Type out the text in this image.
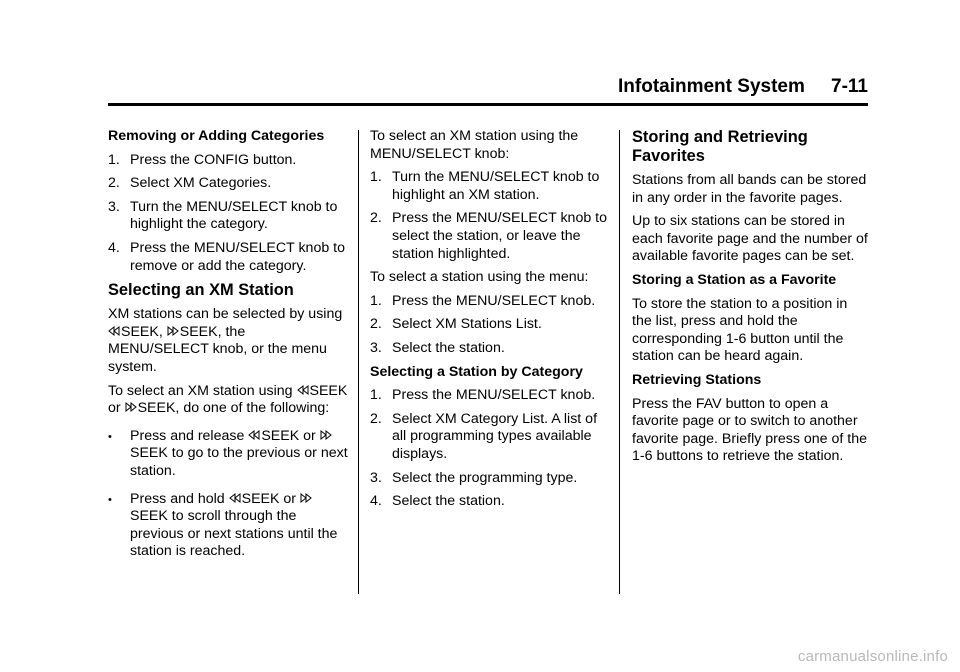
Infotainment System 7-11

Removing or Adding Categories

1. Press the CONFIG button.
2. Select XM Categories.
3. Turn the MENU/SELECT knob to highlight the category.
4. Press the MENU/SELECT knob to remove or add the category.

Selecting an XM Station

XM stations can be selected by using
SEEK, SEEK, the MENU/SELECT knob, or the menu system.

To select an XM station using SEEK or SEEK, do one of the following:

•	Press and release SEEK or
SEEK to go to the previous or next station.
•	Press and hold SEEK or
SEEK to scroll through the previous or next stations until the station is reached.

To select an XM station using the MENU/SELECT knob:

1. Turn the MENU/SELECT knob to highlight an XM station.
2. Press the MENU/SELECT knob to select the station, or leave the station highlighted.

To select a station using the menu:

1. Press the MENU/SELECT knob.
2. Select XM Stations List.
3. Select the station.

Selecting a Station by Category

1. Press the MENU/SELECT knob.
2. Select XM Category List. A list of all programming types available displays.
3. Select the programming type.
4. Select the station.

Storing and Retrieving Favorites

Stations from all bands can be stored in any order in the favorite pages.

Up to six stations can be stored in each favorite page and the number of available favorite pages can be set.

Storing a Station as a Favorite

To store the station to a position in the list, press and hold the corresponding 1-6 button until the station can be heard again.

Retrieving Stations

Press the FAV button to open a favorite page or to switch to another favorite page. Briefly press one of the 1-6 buttons to retrieve the station.

carmanualsonline.info
